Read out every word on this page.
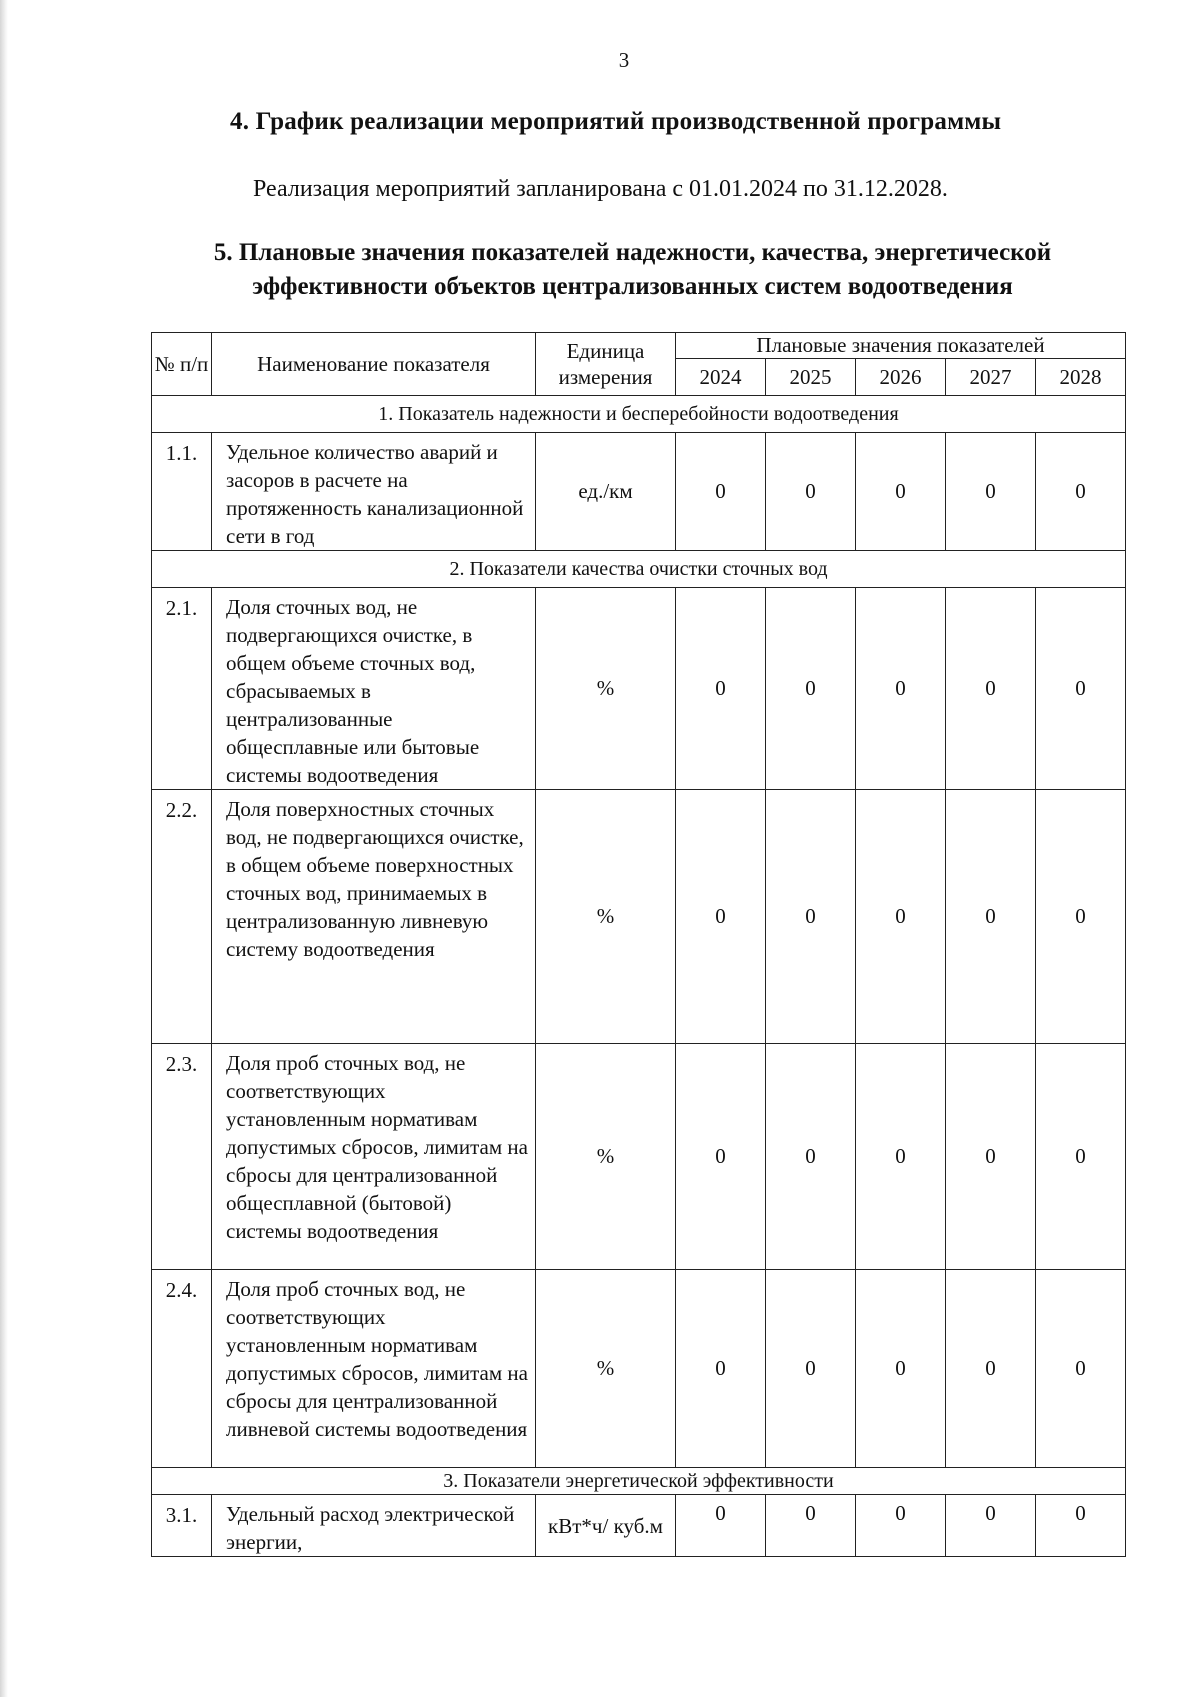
3
4. График реализации мероприятий производственной программы
Реализация мероприятий запланирована с 01.01.2024 по 31.12.2028.
5. Плановые значения показателей надежности, качества, энергетической
эффективности объектов централизованных систем водоотведения
№ п/п	Наименование показателя	Единица измерения	Плановые значения показателей				
			2024	2025	2026	2027	2028
1. Показатель надежности и бесперебойности водоотведения							
1.1.	Удельное количество аварий и засоров в расчете на протяженность канализационной сети в год	ед./км	0	0	0	0	0
2. Показатели качества очистки сточных вод							
2.1.	Доля сточных вод, не подвергающихся очистке, в общем объеме сточных вод, сбрасываемых в централизованные общесплавные или бытовые системы водоотведения	%	0	0	0	0	0
2.2.	Доля поверхностных сточных вод, не подвергающихся очистке, в общем объеме поверхностных сточных вод, принимаемых в централизованную ливневую систему водоотведения	%	0	0	0	0	0
2.3.	Доля проб сточных вод, не соответствующих установленным нормативам допустимых сбросов, лимитам на сбросы для централизованной общесплавной (бытовой) системы водоотведения	%	0	0	0	0	0
2.4.	Доля проб сточных вод, не соответствующих установленным нормативам допустимых сбросов, лимитам на сбросы для централизованной ливневой системы водоотведения	%	0	0	0	0	0
3. Показатели энергетической эффективности							
3.1.	Удельный расход электрической энергии,	кВт*ч/ куб.м	0	0	0	0	0
